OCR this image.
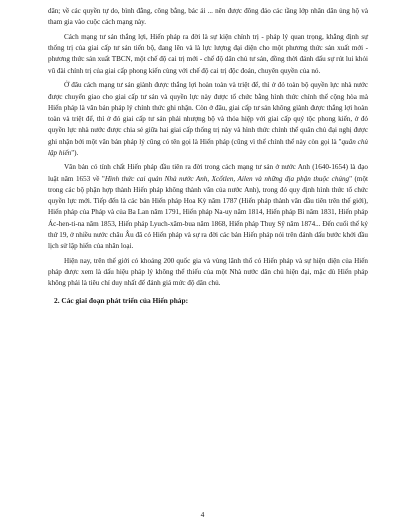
dân; về các quyền tự do, bình đẳng, công bằng, bác ái ... nên được đông đảo các tầng lớp nhân dân ủng hộ và tham gia vào cuộc cách mạng này.

Cách mạng tư sản thắng lợi, Hiến pháp ra đời là sự kiện chính trị - pháp lý quan trọng, khẳng định sự thống trị của giai cấp tư sản tiến bộ, đang lên và là lực lượng đại diện cho một phương thức sản xuất mới - phương thức sản xuất TBCN, một chế độ cai trị mới - chế độ dân chủ tư sản, đồng thời đánh dấu sự rút lui khỏi vũ đài chính trị của giai cấp phong kiến cùng với chế độ cai trị độc đoán, chuyên quyền của nó.

Ở đâu cách mạng tư sản giành được thắng lợi hoàn toàn và triệt để, thì ở đó toàn bộ quyền lực nhà nước được chuyển giao cho giai cấp tư sản và quyền lực này được tổ chức bằng hình thức chính thể cộng hòa mà Hiến pháp là văn bản pháp lý chính thức ghi nhận. Còn ở đâu, giai cấp tư sản không giành được thắng lợi hoàn toàn và triệt để, thì ở đó giai cấp tư sản phải nhượng bộ và thỏa hiệp với giai cấp quý tộc phong kiến, ở đó quyền lực nhà nước được chia sẻ giữa hai giai cấp thống trị này và hình thức chính thể quân chủ đại nghị được ghi nhận bởi một văn bản pháp lý cũng có tên gọi là Hiến pháp (cũng vì thể chính thể này còn gọi là "quân chủ lập hiến").

Văn bản có tính chất Hiến pháp đầu tiên ra đời trong cách mạng tư sản ở nước Anh (1640-1654) là đạo luật năm 1653 về "Hình thức cai quản Nhà nước Anh, Xcốtlen, Ailen và những địa phận thuộc chúng" (một trong các bộ phận hợp thành Hiến pháp không thành văn của nước Anh), trong đó quy định hình thức tổ chức quyền lực mới. Tiếp đến là các bản Hiến pháp Hoa Kỳ năm 1787 (Hiến pháp thành văn đầu tiên trên thế giới), Hiến pháp của Pháp và của Ba Lan năm 1791, Hiến pháp Na-uy năm 1814, Hiến pháp Bỉ năm 1831, Hiến pháp Ác-hen-ti-na năm 1853, Hiến pháp Lyuch-xăm-bua năm 1868, Hiến pháp Thuỵ Sỹ năm 1874... Đến cuối thế kỷ thứ 19, ở nhiều nước châu Âu đã có Hiến pháp và sự ra đời các bản Hiến pháp nói trên đánh dấu bước khởi đầu lịch sử lập hiến của nhân loại.

Hiện nay, trên thế giới có khoảng 200 quốc gia và vùng lãnh thổ có Hiến pháp và sự hiện diện của Hiến pháp được xem là dấu hiệu pháp lý không thể thiếu của một Nhà nước dân chủ hiện đại, mặc dù Hiến pháp không phải là tiêu chí duy nhất để đánh giá mức độ dân chủ.

2. Các giai đoạn phát triển của Hiến pháp:

4
